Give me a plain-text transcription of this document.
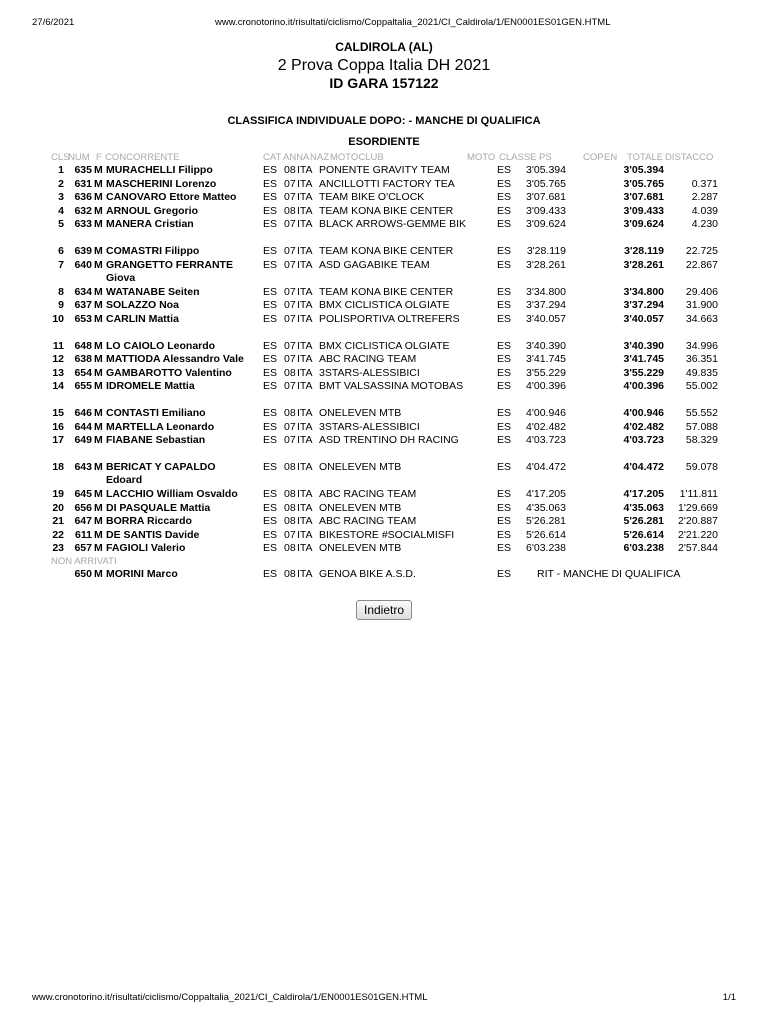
27/6/2021	www.cronotorino.it/risultati/ciclismo/Coppaltalia_2021/CI_Caldirola/1/EN0001ES01GEN.HTML
CALDIROLA (AL)
2 Prova Coppa Italia DH 2021
ID GARA 157122
CLASSIFICA INDIVIDUALE DOPO: - MANCHE DI QUALIFICA
ESORDIENTE
CLS
NUM F CONCORRENTE	CAT ANNA NAZ MOTOCLUB	MOTO CLASSE PS	COP EN TOTALE DISTACCO
1 635 M MURACHELLI Filippo	ES 08 ITA PONENTE GRAVITY TEAM	ES	3'05.394	3'05.394
2 631 M MASCHERINI Lorenzo	ES 07 ITA ANCILLOTTI FACTORY TEA	ES	3'05.765	3'05.765	0.371
3 636 M CANOVARO Ettore Matteo	ES 07 ITA TEAM BIKE O'CLOCK	ES	3'07.681	3'07.681	2.287
4 632 M ARNOUL Gregorio	ES 08 ITA TEAM KONA BIKE CENTER	ES	3'09.433	3'09.433	4.039
5 633 M MANERA Cristian	ES 07 ITA BLACK ARROWS-GEMME BIK	ES	3'09.624	3'09.624	4.230
6 639 M COMASTRI Filippo	ES 07 ITA TEAM KONA BIKE CENTER	ES	3'28.119	3'28.119	22.725
7 640 M GRANGETTO FERRANTE Giova
ES 07 ITA ASD GAGABIKE TEAM	ES	3'28.261	3'28.261	22.867
8 634 M WATANABE Seiten	ES 07 ITA TEAM KONA BIKE CENTER	ES	3'34.800	3'34.800	29.406
9 637 M SOLAZZO Noa	ES 07 ITA BMX CICLISTICA OLGIATE	ES	3'37.294	3'37.294	31.900
10 653 M CARLIN Mattia	ES 07 ITA POLISPORTIVA OLTREFERS	ES	3'40.057	3'40.057	34.663
11 648 M LO CAIOLO Leonardo	ES 07 ITA BMX CICLISTICA OLGIATE	ES	3'40.390	3'40.390	34.996
12 638 M MATTIODA Alessandro Vale	ES 07 ITA ABC RACING TEAM	ES	3'41.745	3'41.745	36.351
13 654 M GAMBAROTTO Valentino	ES 08 ITA 3STARS-ALESSIBICI	ES	3'55.229	3'55.229	49.835
14 655 M IDROMELE Mattia	ES 07 ITA BMT VALSASSINA MOTOBAS	ES	4'00.396	4'00.396	55.002
15 646 M CONTASTI Emiliano	ES 08 ITA ONELEVEN MTB	ES	4'00.946	4'00.946	55.552
16 644 M MARTELLA Leonardo	ES 07 ITA 3STARS-ALESSIBICI	ES	4'02.482	4'02.482	57.088
17 649 M FIABANE Sebastian	ES 07 ITA ASD TRENTINO DH RACING	ES	4'03.723	4'03.723	58.329
18 643 M BERICAT Y CAPALDO Edoard
ES 08 ITA ONELEVEN MTB	ES	4'04.472	4'04.472	59.078
19 645 M LACCHIO William Osvaldo	ES 08 ITA ABC RACING TEAM	ES	4'17.205	4'17.205	1'11.811
20 656 M DI PASQUALE Mattia	ES 08 ITA ONELEVEN MTB	ES	4'35.063	4'35.063	1'29.669
21 647 M BORRA Riccardo	ES 08 ITA ABC RACING TEAM	ES	5'26.281	5'26.281	2'20.887
22	611 M DE SANTIS Davide	ES 07 ITA BIKESTORE #SOCIALMISFI	ES	5'26.614	5'26.614	2'21.220
23 657 M FAGIOLI Valerio	ES 08 ITA ONELEVEN MTB	ES	6'03.238	6'03.238	2'57.844
NON ARRIVATI
650 M MORINI Marco	ES 08 ITA GENOA BIKE A.S.D.	ES RIT - MANCHE DI QUALIFICA
Indietro
www.cronotorino.it/risultati/ciclismo/Coppaltalia_2021/CI_Caldirola/1/EN0001ES01GEN.HTML	1/1
